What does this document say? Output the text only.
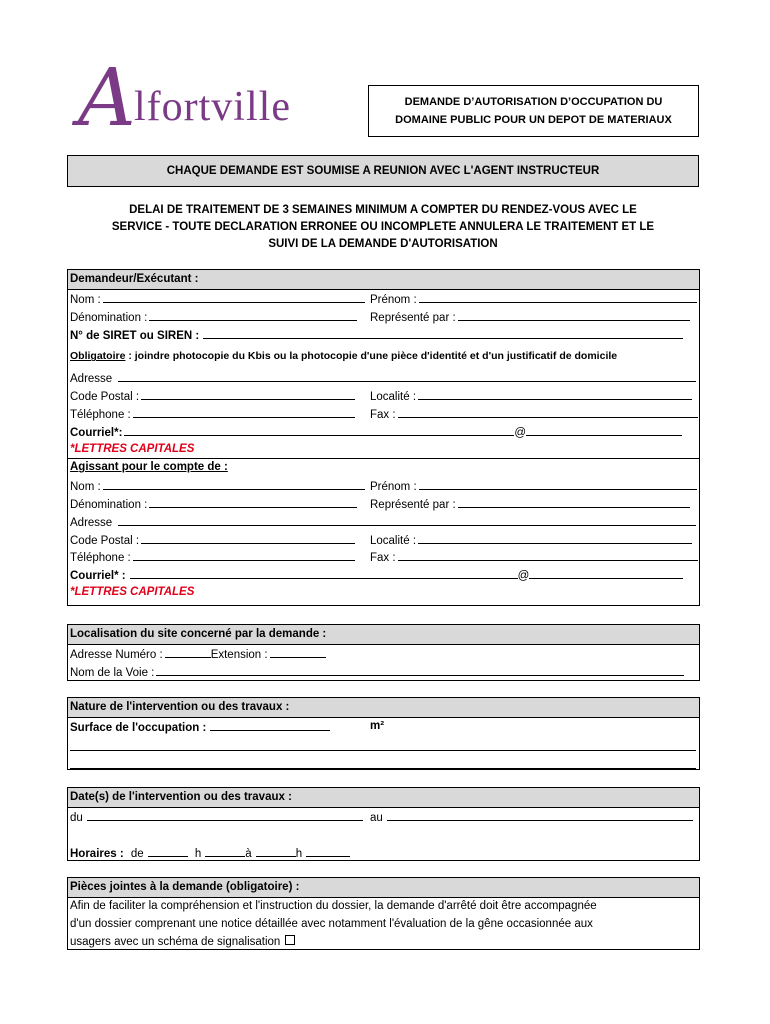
A
lfortville	DEMANDE D’AUTORISATION D’OCCUPATION DU
DOMAINE PUBLIC POUR UN DEPOT DE MATERIAUX
CHAQUE DEMANDE EST SOUMISE A REUNION AVEC L'AGENT INSTRUCTEUR
DELAI DE TRAITEMENT DE 3 SEMAINES MINIMUM A COMPTER DU RENDEZ-VOUS AVEC LE
SERVICE - TOUTE DECLARATION ERRONEE OU INCOMPLETE ANNULERA LE TRAITEMENT ET LE
SUIVI DE LA DEMANDE D'AUTORISATION
Demandeur/Exécutant :
Nom :	Prénom :
Dénomination :	Représenté par :
N° de SIRET ou SIREN :
Obligatoire : joindre photocopie du Kbis ou la photocopie d'une pièce d'identité et d'un justificatif de domicile
Adresse
Code Postal :	Localité :
Téléphone :	Fax :
Courriel*:	@
*LETTRES CAPITALES
Agissant pour le compte de :
Nom :	Prénom :
Dénomination :	Représenté par :
Adresse
Code Postal :	Localité :
Téléphone :	Fax :
Courriel* :	@
*LETTRES CAPITALES
Localisation du site concerné par la demande :
Adresse Numéro :	Extension :
Nom de la Voie :
Nature de l'intervention ou des travaux :
Surface de l'occupation :	m²
Date(s) de l'intervention ou des travaux :
du	au
Horaires : de	h	à	h
Pièces jointes à la demande (obligatoire) :
Afin de faciliter la compréhension et l'instruction du dossier, la demande d'arrêté doit être accompagnée
d'un dossier comprenant une notice détaillée avec notamment l'évaluation de la gêne occasionnée aux
usagers avec un schéma de signalisation
